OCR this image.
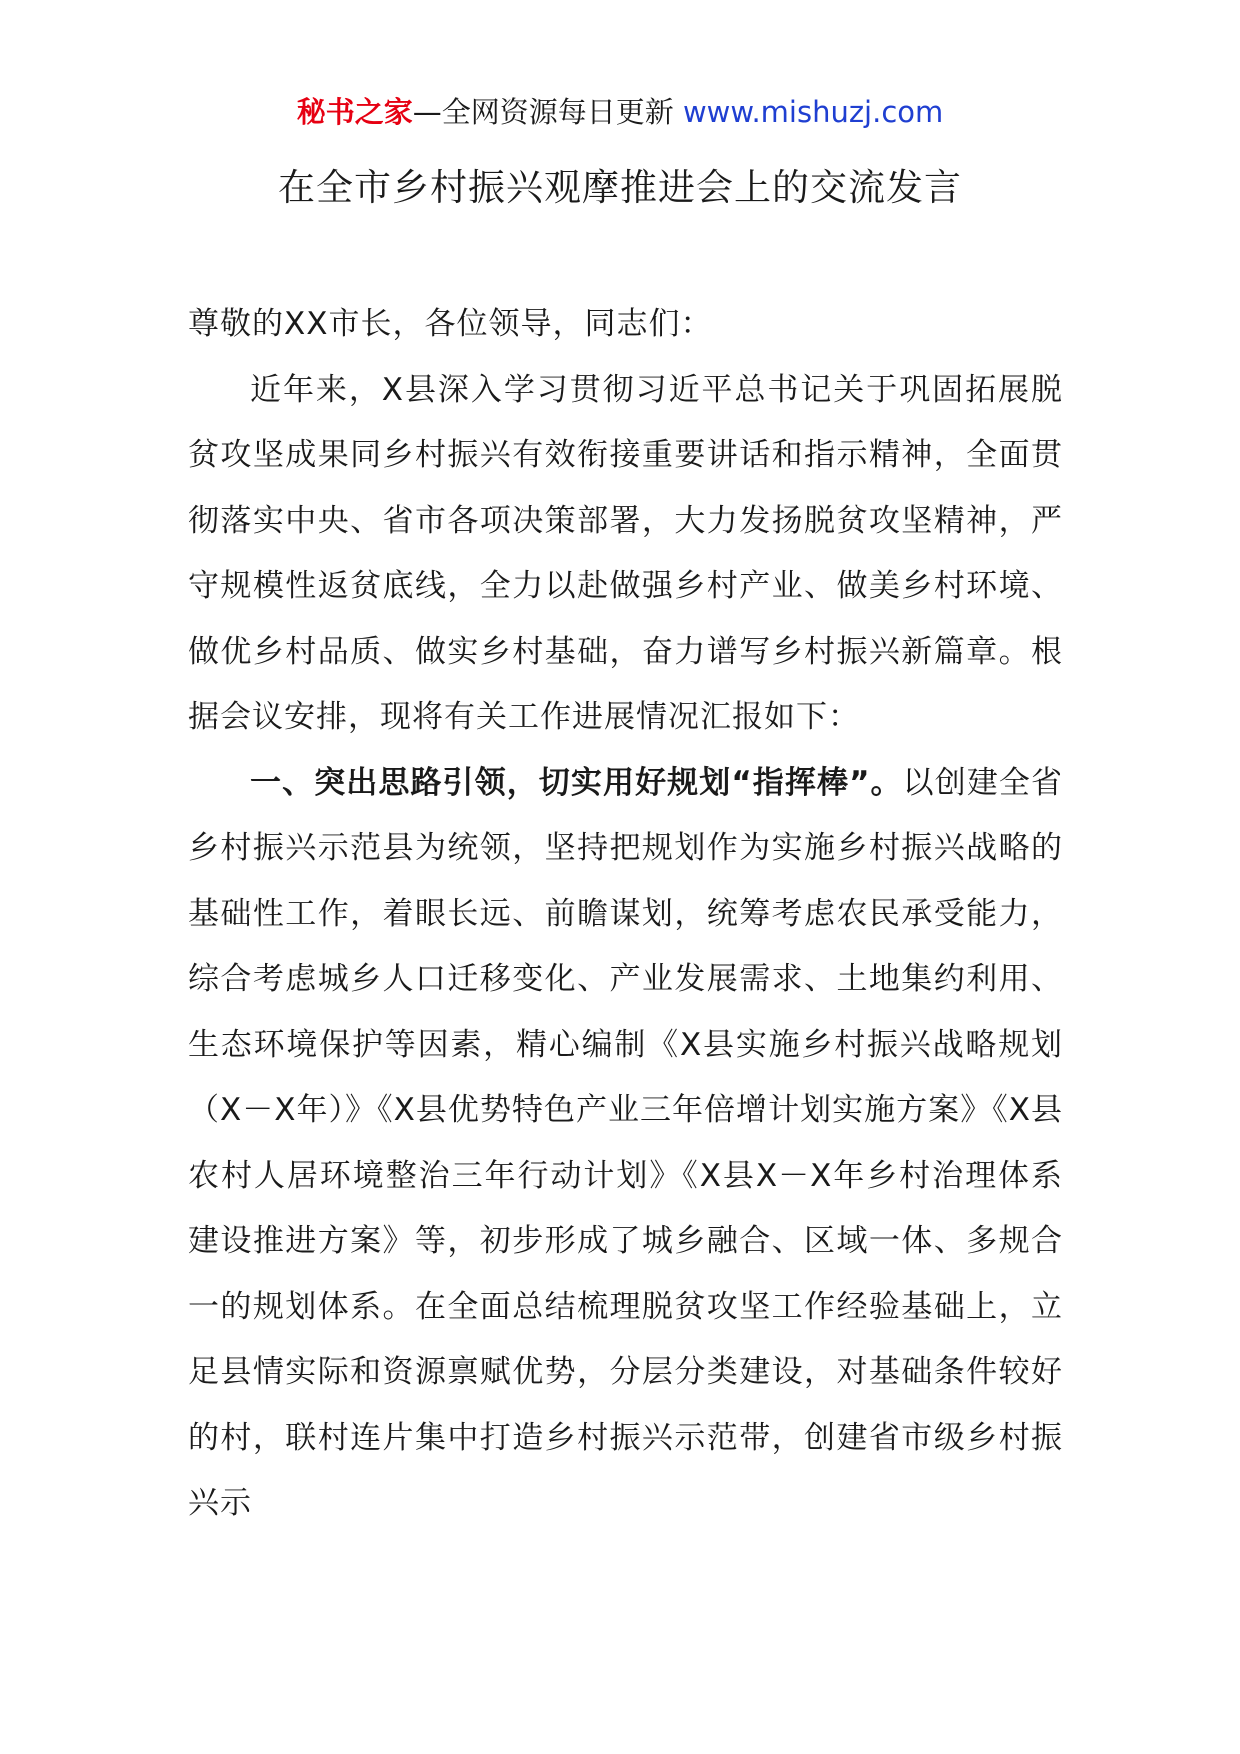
秘书之家—全网资源每日更新 www.mishuzj.com
在全市乡村振兴观摩推进会上的交流发言

尊敬的XX市长，各位领导，同志们：

近年来，X县深入学习贯彻习近平总书记关于巩固拓展脱贫攻坚成果同乡村振兴有效衔接重要讲话和指示精神，全面贯彻落实中央、省市各项决策部署，大力发扬脱贫攻坚精神，严守规模性返贫底线，全力以赴做强乡村产业、做美乡村环境、做优乡村品质、做实乡村基础，奋力谱写乡村振兴新篇章。根据会议安排，现将有关工作进展情况汇报如下：

一、突出思路引领，切实用好规划“指挥棒”。以创建全省乡村振兴示范县为统领，坚持把规划作为实施乡村振兴战略的基础性工作，着眼长远、前瞻谋划，统筹考虑农民承受能力，综合考虑城乡人口迁移变化、产业发展需求、土地集约利用、生态环境保护等因素，精心编制《X县实施乡村振兴战略规划（X－X年）》《X县优势特色产业三年倍增计划实施方案》《X县农村人居环境整治三年行动计划》《X县X－X年乡村治理体系建设推进方案》等，初步形成了城乡融合、区域一体、多规合一的规划体系。在全面总结梳理脱贫攻坚工作经验基础上，立足县情实际和资源禀赋优势，分层分类建设，对基础条件较好的村，联村连片集中打造乡村振兴示范带，创建省市级乡村振兴示
